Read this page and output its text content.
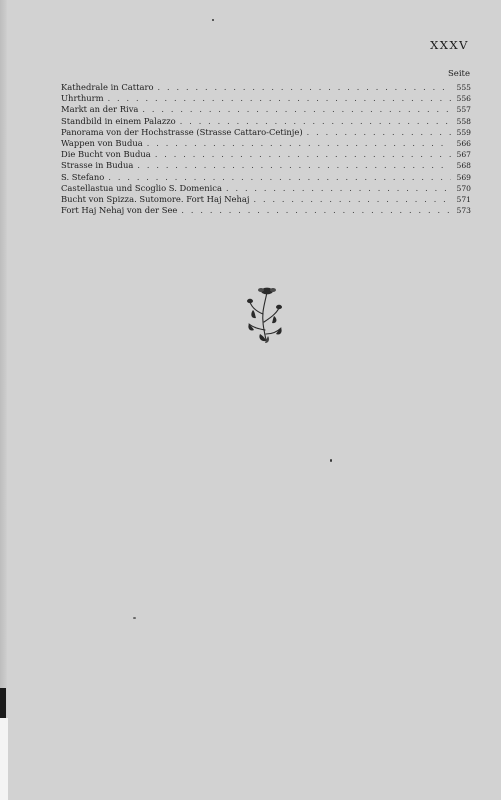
XXXV
Seite
Kathedrale in Cattaro . . .	555
Uhrthurm . . .	556
Markt an der Riva . . .	557
Standbild in einem Palazzo . . .	558
Panorama von der Hochstrasse (Strasse Cattaro-Cetinje) . . .	559
Wappen von Budua . . .	566
Die Bucht von Budua . . .	567
Strasse in Budua . . .	568
S. Stefano . . .	569
Castellastua und Scoglio S. Domenica . . .	570
Bucht von Spizza. Sutomore. Fort Haj Nehaj . . .	571
Fort Haj Nehaj von der See . . .	573
